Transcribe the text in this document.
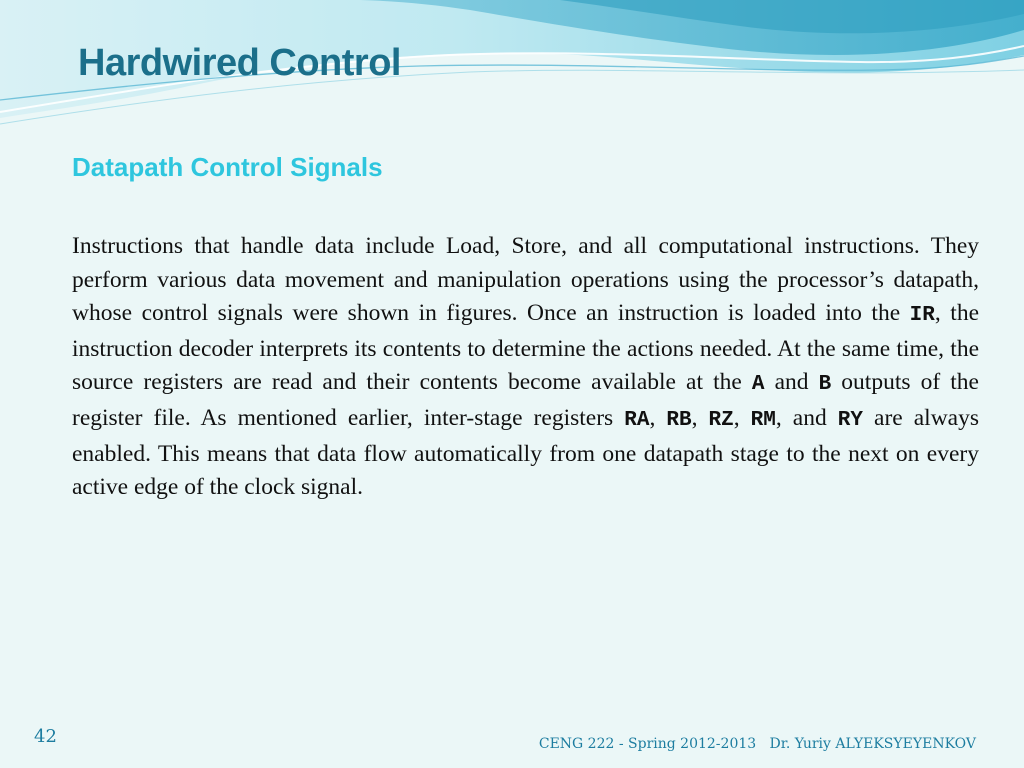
Hardwired Control
Datapath Control Signals

Instructions that handle data include Load, Store, and all computational instructions. They perform various data movement and manipulation operations using the processor’s datapath, whose control signals were shown in figures. Once an instruction is loaded into the IR, the instruction decoder interprets its contents to determine the actions needed. At the same time, the source registers are read and their contents become available at the A and B outputs of the register file. As mentioned earlier, inter-stage registers RA, RB, RZ, RM, and RY are always enabled. This means that data flow automatically from one datapath stage to the next on every active edge of the clock signal.

42	CENG 222 - Spring 2012-2013   Dr. Yuriy ALYEKSYEYENKOV
